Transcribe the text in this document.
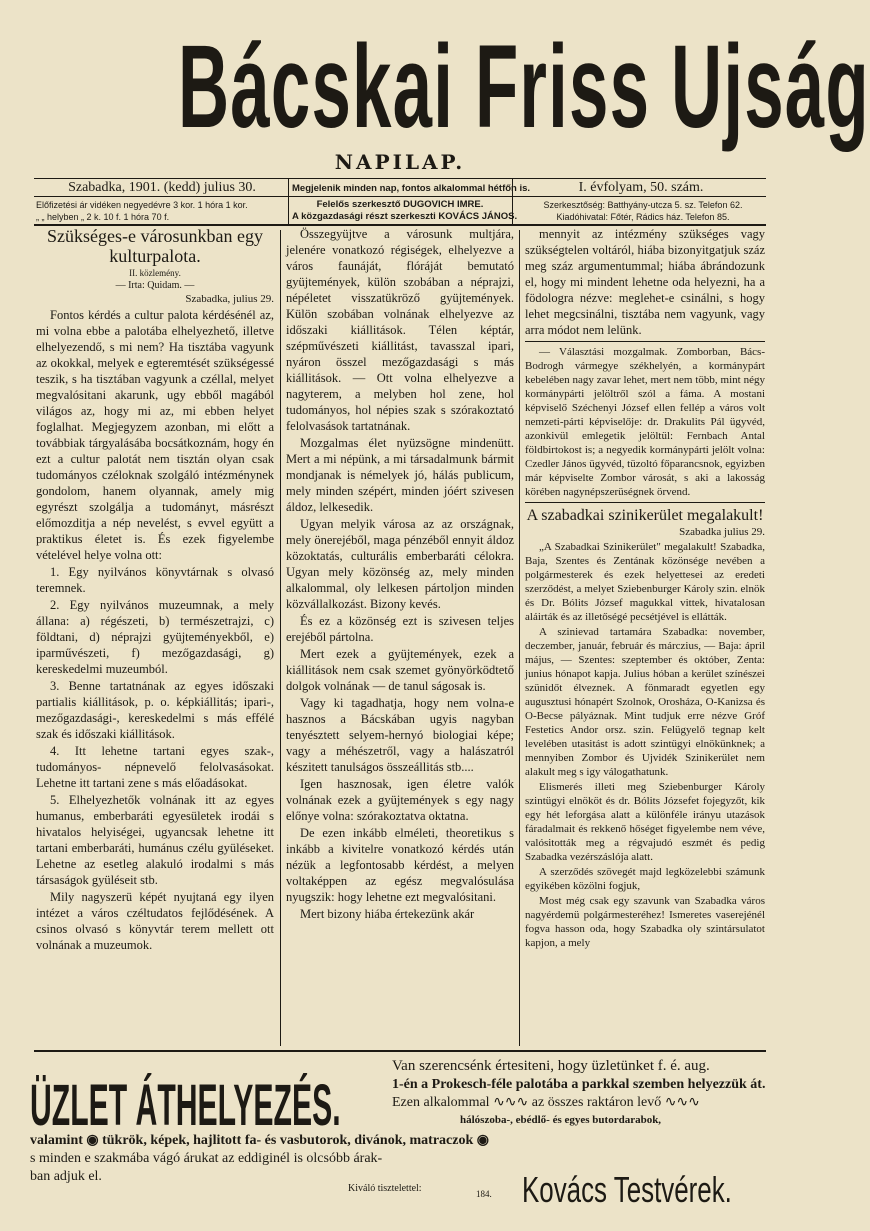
Bácskai Friss Ujság
NAPILAP.
Szabadka, 1901. (kedd) julius 30.	Megjelenik minden nap, fontos alkalommal hétfőn is.	I. évfolyam, 50. szám.
Előfizetési ár vidéken negyedévre 3 kor. 1 hóra 1 kor.
„ „ helyben „ 2 k. 10 f. 1 hóra 70 f.
Felelős szerkesztő DUGOVICH IMRE.
A közgazdasági részt szerkeszti KOVÁCS JÁNOS.
Szerkesztőség: Batthyány-utcza 5. sz. Telefon 62.
Kiadóhivatal: Főtér, Rádics ház. Telefon 85.
Szükséges-e városunkban egy kulturpalota.
II. közlemény.
— Irta: Quidam. —
Szabadka, julius 29.

Fontos kérdés a cultur palota kérdésénél az, mi volna ebbe a palotába elhelyezhető, illetve elhelyezendő, s mi nem? Ha tisztába vagyunk az okokkal, melyek e egteremtését szükségessé teszik, s ha tisztában vagyunk a czéllal, melyet megvalósitani akarunk, ugy ebből magából világos az, hogy mi az, mi ebben helyet foglalhat. Megjegyzem azonban, mi előtt a továbbiak tárgyalásába bocsátkoznám, hogy én ezt a cultur palotát nem tisztán olyan csak tudományos czéloknak szolgáló intézménynek gondolom, hanem olyannak, amely mig egyrészt szolgálja a tudományt, másrészt előmozditja a nép nevelést, s evvel együtt a praktikus életet is. És ezek figyelembe vételével helye volna ott:

1. Egy nyilvános könyvtárnak s olvasó teremnek.

2. Egy nyilvános muzeumnak, a mely állana: a) régészeti, b) természetrajzi, c) földtani, d) néprajzi gyüjteményekből, e) iparművészeti, f) mezőgazdasági, g) kereskedelmi muzeumból.

3. Benne tartatnának az egyes időszaki partialis kiállitások, p. o. képkiállitás; ipari-, mezőgazdasági-, kereskedelmi s más effélé szak és időszaki kiállitások.

4. Itt lehetne tartani egyes szak-, tudományos- népnevelő felolvasásokat. Lehetne itt tartani zene s más előadásokat.

5. Elhelyezhetők volnának itt az egyes humanus, emberbaráti egyesületek irodái s hivatalos helyiségei, ugyancsak lehetne itt tartani emberbaráti, humánus czélu gyüléseket. Lehetne az esetleg alakuló irodalmi s más társaságok gyüléseit stb.

Mily nagyszerü képét nyujtaná egy ilyen intézet a város czéltudatos fejlődésének. A csinos olvasó s könyvtár terem mellett ott volnának a muzeumok.

Összegyüjtve a városunk multjára, jelenére vonatkozó régiségek, elhelyezve a város faunáját, flóráját bemutató gyüjtemények, külön szobában a néprajzi, népéletet visszatükröző gyüjtemények. Külön szobában volnának elhelyezve az időszaki kiállitások. Télen képtár, szépművészeti kiállitást, tavasszal ipari, nyáron összel mezőgazdasági s más kiállitások. — Ott volna elhelyezve a nagyterem, a melyben hol zene, hol tudományos, hol népies szak s szórakoztató felolvasások tartatnának.

Mozgalmas élet nyüzsögne mindenütt. Mert a mi népünk, a mi társadalmunk bármit mondjanak is némelyek jó, hálás publicum, mely minden szépért, minden jóért szivesen áldoz, lelkesedik.

Ugyan melyik városa az az országnak, mely önerejéből, maga pénzéből ennyit áldoz közoktatás, culturális emberbaráti célokra. Ugyan mely közönség az, mely minden alkalommal, oly lelkesen pártoljon minden közvállalkozást. Bizony kevés.

És ez a közönség ezt is szivesen teljes erejéből pártolna.

Mert ezek a gyüjtemények, ezek a kiállitások nem csak szemet gyönyörködtető dolgok volnának — de tanul ságosak is.

Vagy ki tagadhatja, hogy nem volna-e hasznos a Bácskában ugyis nagyban tenyésztett selyem-hernyó biologiai képe; vagy a méhészetről, vagy a halászatról készitett tanulságos összeállitás stb....

Igen hasznosak, igen életre valók volnának ezek a gyüjtemények s egy nagy előnye volna: szórakoztatva oktatna.

De ezen inkább elméleti, theoretikus s inkább a kivitelre vonatkozó kérdés után nézük a legfontosabb kérdést, a melyen voltaképpen az egész megvalósulása nyugszik: hogy lehetne ezt megvalósitani.

Mert bizony hiába értekezünk akár

mennyit az intézmény szükséges vagy szükségtelen voltáról, hiába bizonyitgatjuk száz meg száz argumentummal; hiába ábrándozunk el, hogy mi mindent lehetne oda helyezni, ha a födologra nézve: meglehet-e csinálni, s hogy lehet megcsinálni, tisztába nem vagyunk, vagy arra módot nem lelünk.

— Választási mozgalmak. Zomborban, Bács-Bodrogh vármegye székhelyén, a kormánypárt kebelében nagy zavar lehet, mert nem több, mint négy kormánypárti jelöltről szól a fáma. A mostani képviselő Széchenyi József ellen fellép a város volt nemzeti-párti képviselője: dr. Drakulits Pál ügyvéd, azonkivül emlegetik jelöltül: Fernbach Antal földbirtokost is; a negyedik kormánypárti jelölt volna: Czedler János ügyvéd, tüzoltó főparancsnok, egyizben már képviselte Zombor városát, s aki a lakosság körében nagynépszerüségnek örvend.

A szabadkai szinikerület megalakult!
Szabadka julius 29.

„A Szabadkai Szinikerület" megalakult! Szabadka, Baja, Szentes és Zentának közönsége nevében a polgármesterek és ezek helyettesei az eredeti szerződést, a melyet Sziebenburger Károly szin. elnök és Dr. Bólits József magukkal vittek, hivatalosan aláirták és az illetőségé pecsétjével is ellátták.

A szinievad tartamára Szabadka: november, deczember, január, február és márczius, — Baja: ápril május, — Szentes: szeptember és október, Zenta: junius hónapot kapja. Julius hóban a kerület színészei szünidőt élveznek. A fönmaradt egyetlen egy augusztusi hónapért Szolnok, Orosháza, O-Kanizsa és O-Becse pályáznak. Mint tudjuk erre nézve Gróf Festetics Andor orsz. szin. Felügyelő tegnap kelt levelében utasitást is adott szintügyi elnökünknek; a mennyiben Zombor és Ujvidék Szinikerület nem alakult meg s igy válogathatunk.

Elismerés illeti meg Sziebenburger Károly szintügyi elnököt és dr. Bólits Józsefet fojegyzőt, kik egy hét leforgása alatt a különféle irányu utazások fáradalmait és rekkenő hőséget figyelembe nem véve, valósitották meg a régvajudó eszmét és pedig Szabadka vezérszáslója alatt.

A szerződés szövegét majd legközelebbi számunk egyikében közölni fogjuk,

Most még csak egy szavunk van Szabadka város nagyérdemü polgármesteréhez! Ismeretes vaserejénél fogva hasson oda, hogy Szabadka oly szintársulatot kapjon, a mely

ÜZLET ÁTHELYEZÉS.
Van szerencsénk értesiteni, hogy üzletünket f. é. aug.
1-én a Prokesch-féle palotába a parkkal szemben helyezzük át.
Ezen alkalommal ∿∿∿ az összes raktáron levő ∿∿∿
hálószoba-, ebédlő- és egyes butordarabok,
valamint ◉ tükrök, képek, hajlitott fa- és vasbutorok, divánok, matraczok ◉
s minden e szakmába vágó árukat az eddiginél is olcsóbb árak-
ban adjuk el.
Kiváló tisztelettel:	184. Kovács Testvérek.
